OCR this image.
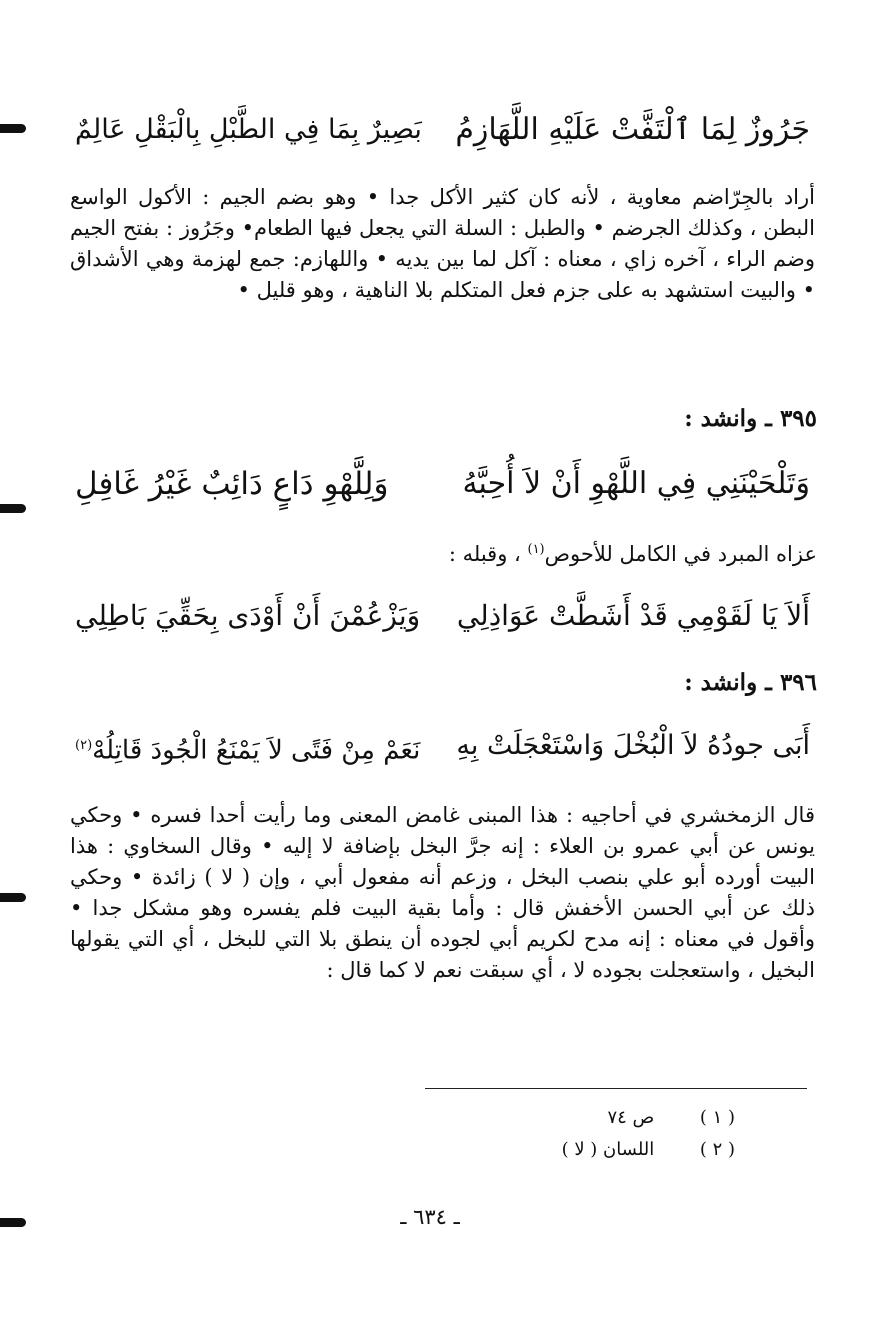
جَرُوزٌ لِمَا ٱلْتَفَّتْ عَلَيْهِ اللَّهَازِمُ
بَصِيرٌ بِمَا فِي الطَّبْلِ بِالْبَقْلِ عَالِمٌ
أراد بالجِرّاضم معاوية ، لأنه كان كثير الأكل جدا • وهو بضم الجيم : الأكول الواسع البطن ، وكذلك الجرضم • والطبل : السلة التي يجعل فيها الطعام• وجَرُوز : بفتح الجيم وضم الراء ، آخره زاي ، معناه : آكل لما بين يديه • واللهازم: جمع لهزمة وهي الأشداق • والبيت استشهد به على جزم فعل المتكلم بلا الناهية ، وهو قليل •
٣٩٥ ـ وانشد :
وَتَلْحَيْنَنِي فِي اللَّهْوِ أَنْ لاَ أُحِبَّهُ
وَلِلَّهْوِ دَاعٍ دَائِبٌ غَيْرُ غَافِلِ
عزاه المبرد في الكامل للأحوص$^{(١)}$ ، وقبله :
أَلاَ يَا لَقَوْمِي قَدْ أَشَطَّتْ عَوَاذِلِي
وَيَزْعُمْنَ أَنْ أَوْدَى بِحَقِّيَ بَاطِلِي
٣٩٦ ـ وانشد :
أَبَى جودُهُ لاَ الْبُخْلَ وَاسْتَعْجَلَتْ بِهِ
نَعَمْ مِنْ فَتًى لاَ يَمْنَعُ الْجُودَ قَاتِلُهْ$^{(٢)}$
قال الزمخشري في أحاجيه : هذا المبنى غامض المعنى وما رأيت أحدا فسره • وحكي يونس عن أبي عمرو بن العلاء : إنه جرَّ البخل بإضافة لا إليه • وقال السخاوي : هذا البيت أورده أبو علي بنصب البخل ، وزعم أنه مفعول أبي ، وإن ( لا ) زائدة • وحكي ذلك عن أبي الحسن الأخفش قال : وأما بقية البيت فلم يفسره وهو مشكل جدا • وأقول في معناه : إنه مدح لكريم أبي لجوده أن ينطق بلا التي للبخل ، أي التي يقولها البخيل ، واستعجلت بجوده لا ، أي سبقت نعم لا كما قال :
( ١ ) ص ٧٤
( ٢ ) اللسان ( لا )
ـ ٦٣٤ ـ
